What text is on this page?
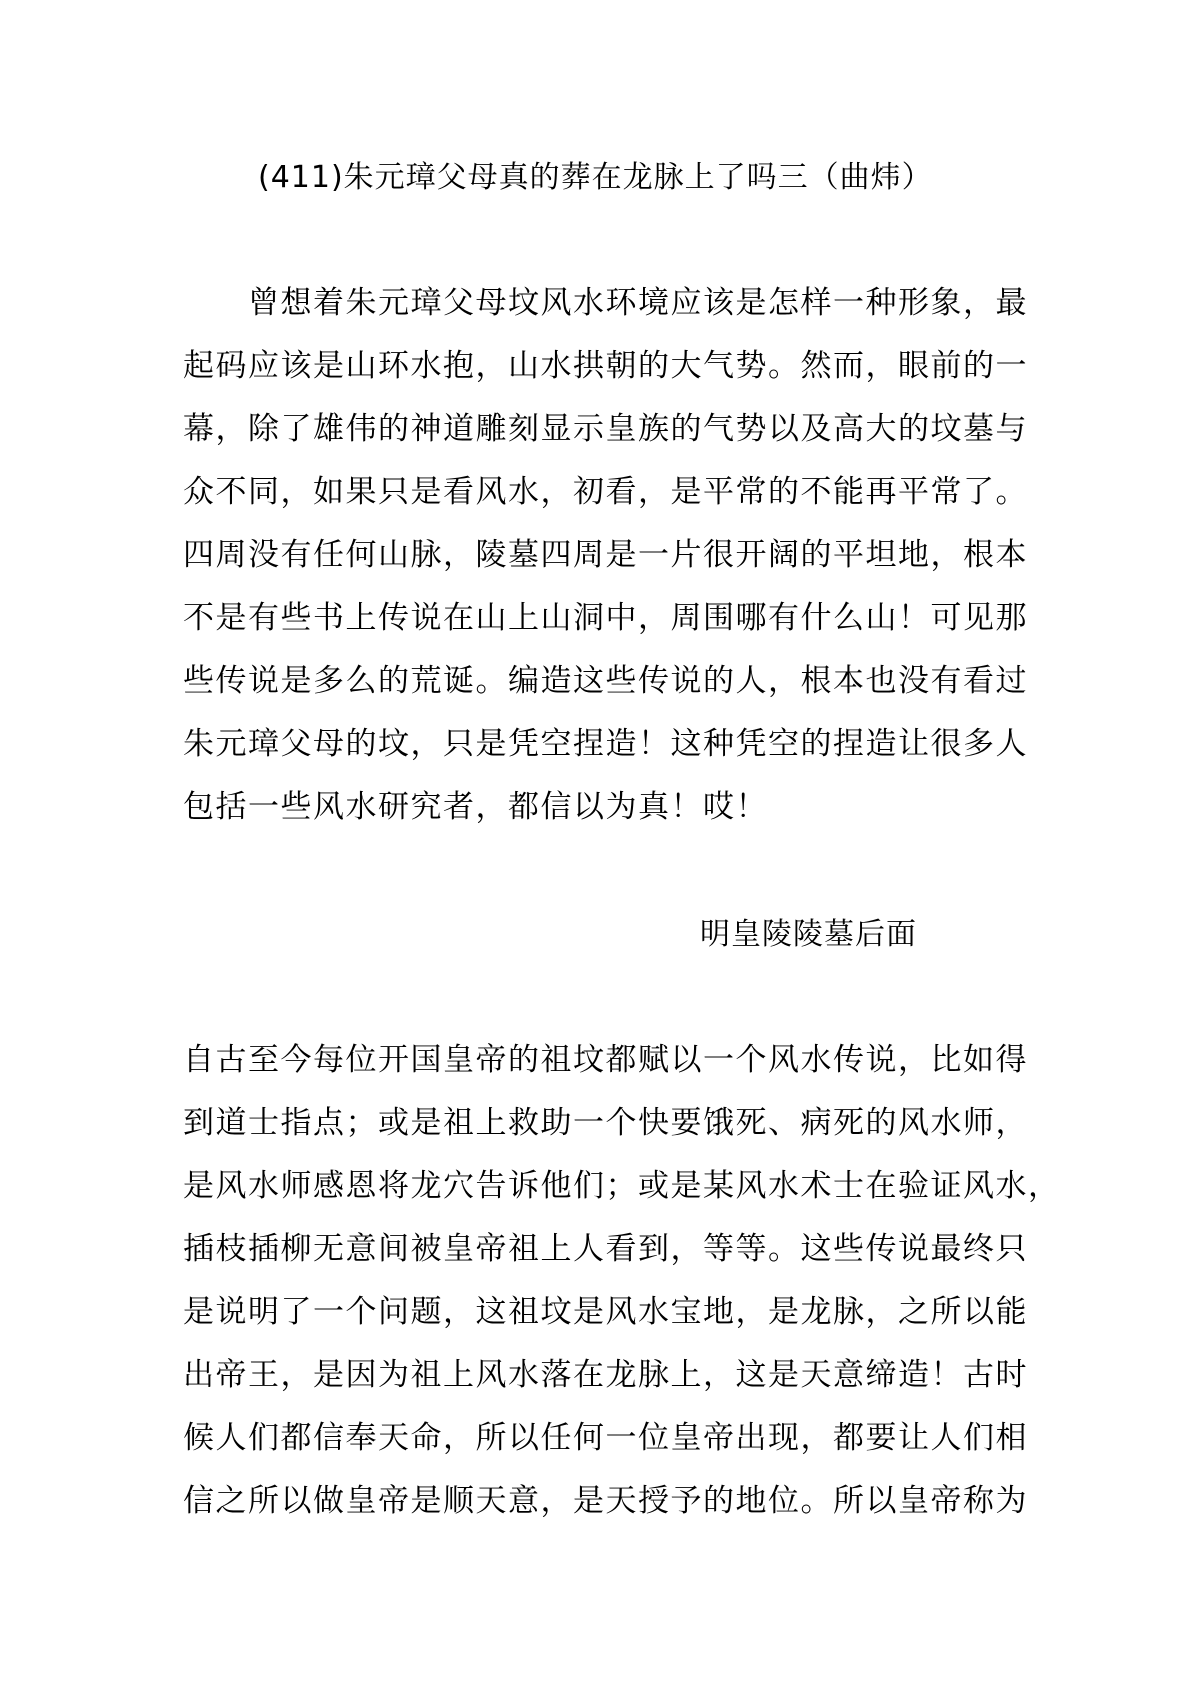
(411)朱元璋父母真的葬在龙脉上了吗三（曲炜）
　　曾想着朱元璋父母坟风水环境应该是怎样一种形象，最
起码应该是山环水抱，山水拱朝的大气势。然而，眼前的一
幕，除了雄伟的神道雕刻显示皇族的气势以及高大的坟墓与
众不同，如果只是看风水，初看，是平常的不能再平常了。
四周没有任何山脉，陵墓四周是一片很开阔的平坦地，根本
不是有些书上传说在山上山洞中，周围哪有什么山！可见那
些传说是多么的荒诞。编造这些传说的人，根本也没有看过
朱元璋父母的坟，只是凭空捏造！这种凭空的捏造让很多人
包括一些风水研究者，都信以为真！哎！
明皇陵陵墓后面
自古至今每位开国皇帝的祖坟都赋以一个风水传说，比如得
到道士指点；或是祖上救助一个快要饿死、病死的风水师，
是风水师感恩将龙穴告诉他们；或是某风水术士在验证风水，
插枝插柳无意间被皇帝祖上人看到，等等。这些传说最终只
是说明了一个问题，这祖坟是风水宝地，是龙脉，之所以能
出帝王，是因为祖上风水落在龙脉上，这是天意缔造！古时
候人们都信奉天命，所以任何一位皇帝出现，都要让人们相
信之所以做皇帝是顺天意，是天授予的地位。所以皇帝称为
